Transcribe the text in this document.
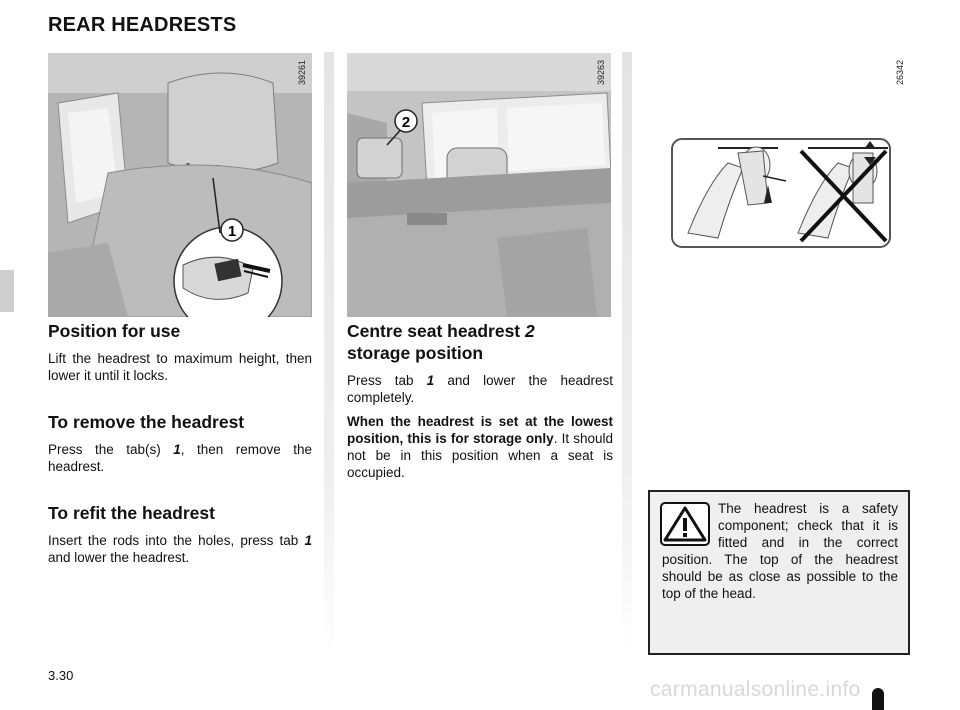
REAR HEADRESTS
1
39261
2
39263	26342
Position for use

Lift the headrest to maximum height, then lower it until it locks.

To remove the headrest

Press the tab(s) 1, then remove the headrest.

To refit the headrest

Insert the rods into the holes, press tab 1 and lower the headrest.

Centre seat headrest 2
storage position

Press tab 1 and lower the headrest completely.

When the headrest is set at the lowest position, this is for storage only. It should not be in this position when a seat is occupied.

The headrest is a safety component; check that it is fitted and in the correct position. The top of the headrest should be as close as possible to the top of the head.

3.30
carmanualsonline.info
